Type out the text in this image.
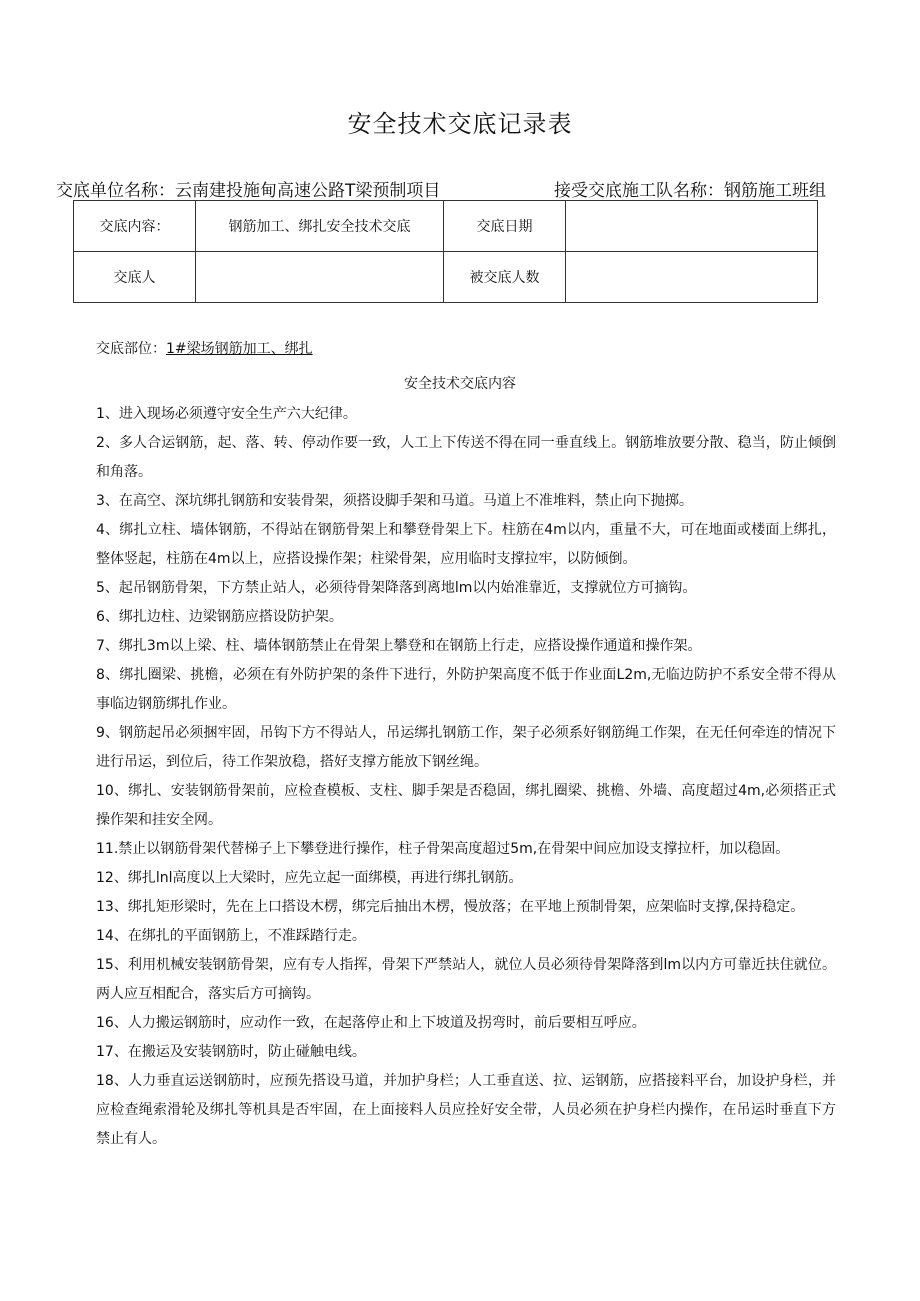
安全技术交底记录表
交底单位名称：云南建投施甸高速公路T梁预制项目	接受交底施工队名称：钢筋施工班组
交底内容：	钢筋加工、绑扎安全技术交底	交底日期	
交底人		被交底人数	
交底部位：1#梁场钢筋加工、绑扎
安全技术交底内容

1、进入现场必须遵守安全生产六大纪律。

2、多人合运钢筋，起、落、转、停动作要一致，人工上下传送不得在同一垂直线上。钢筋堆放要分散、稳当，防止倾倒和角落。

3、在高空、深坑绑扎钢筋和安装骨架，须搭设脚手架和马道。马道上不准堆料，禁止向下抛掷。

4、绑扎立柱、墙体钢筋，不得站在钢筋骨架上和攀登骨架上下。柱筋在4m以内，重量不大，可在地面或楼面上绑扎，整体竖起，柱筋在4m以上，应搭设操作架；柱梁骨架，应用临时支撑拉牢，以防倾倒。

5、起吊钢筋骨架，下方禁止站人，必须待骨架降落到离地lm以内始准靠近，支撑就位方可摘钩。

6、绑扎边柱、边梁钢筋应搭设防护架。

7、绑扎3m以上梁、柱、墙体钢筋禁止在骨架上攀登和在钢筋上行走，应搭设操作通道和操作架。

8、绑扎圈梁、挑檐，必须在有外防护架的条件下进行，外防护架高度不低于作业面L2m,无临边防护不系安全带不得从事临边钢筋绑扎作业。

9、钢筋起吊必须捆牢固，吊钩下方不得站人，吊运绑扎钢筋工作，架子必须系好钢筋绳工作架，在无任何牵连的情况下进行吊运，到位后，待工作架放稳，搭好支撑方能放下钢丝绳。

10、绑扎、安装钢筋骨架前，应检查模板、支柱、脚手架是否稳固，绑扎圈梁、挑檐、外墙、高度超过4m,必须搭正式操作架和挂安全网。

11.禁止以钢筋骨架代替梯子上下攀登进行操作，柱子骨架高度超过5m,在骨架中间应加设支撑拉杆，加以稳固。

12、绑扎lnl高度以上大梁时，应先立起一面绑模，再进行绑扎钢筋。

13、绑扎矩形梁时，先在上口搭设木楞，绑完后抽出木楞，慢放落；在平地上预制骨架，应架临时支撑,保持稳定。

14、在绑扎的平面钢筋上，不准踩踏行走。

15、利用机械安装钢筋骨架，应有专人指挥，骨架下严禁站人，就位人员必须待骨架降落到lm以内方可靠近扶住就位。两人应互相配合，落实后方可摘钩。

16、人力搬运钢筋时，应动作一致，在起落停止和上下坡道及拐弯时，前后要相互呼应。

17、在搬运及安装钢筋时，防止碰触电线。

18、人力垂直运送钢筋时，应预先搭设马道，并加护身栏；人工垂直送、拉、运钢筋，应搭接料平台，加设护身栏，并应检查绳索滑轮及绑扎等机具是否牢固，在上面接料人员应拴好安全带，人员必须在护身栏内操作，在吊运时垂直下方禁止有人。
